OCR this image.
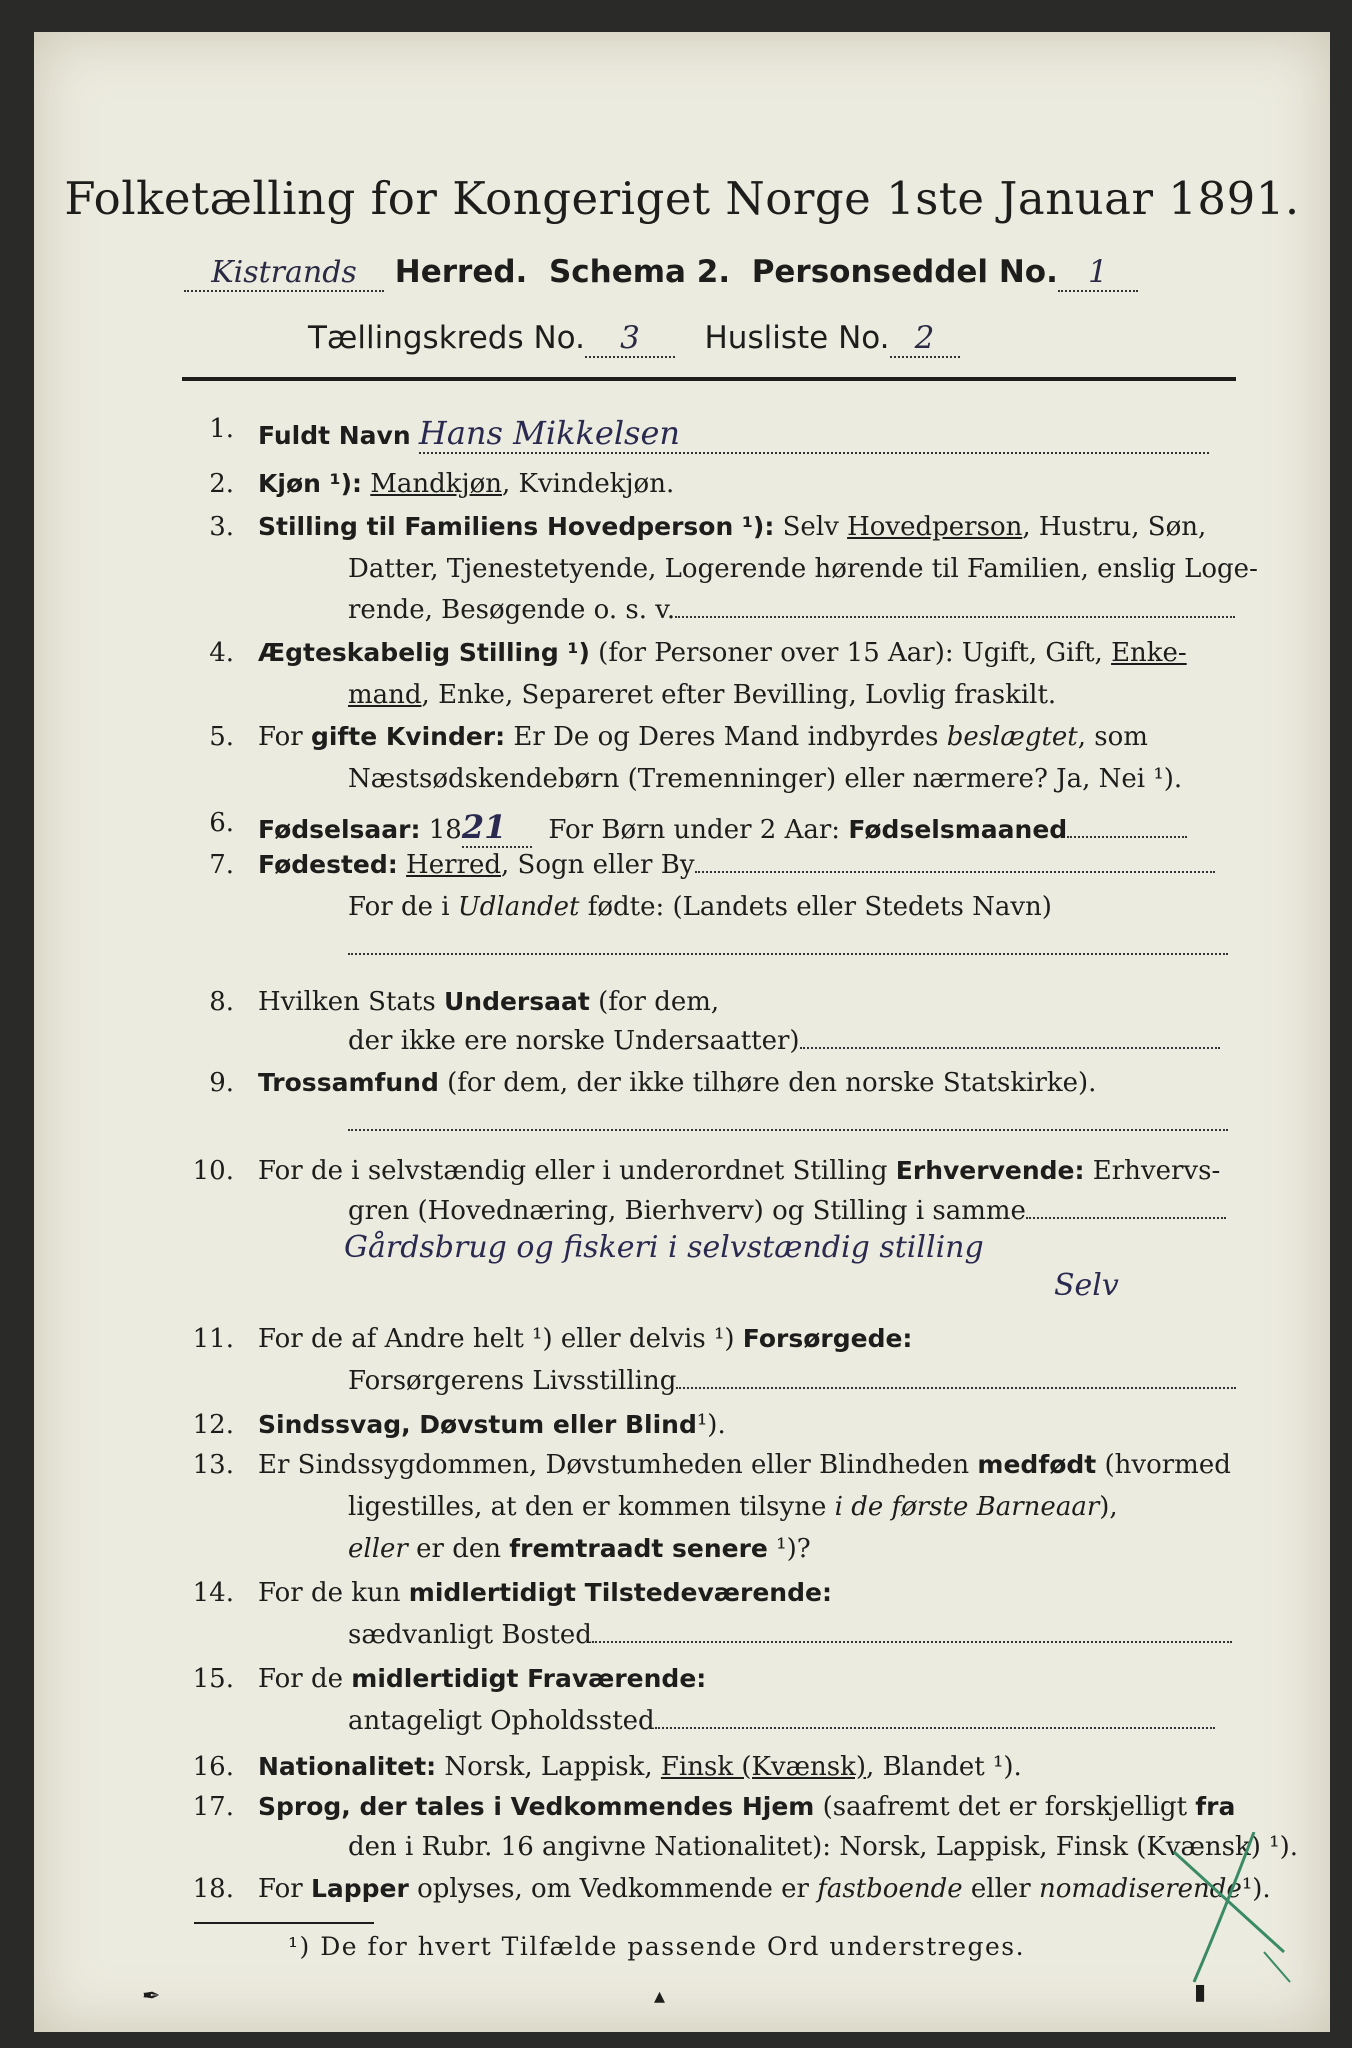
Folketælling for Kongeriget Norge 1ste Januar 1891.
Kistrands Herred. Schema 2. Personseddel No. 1
Tællingskreds No. 3 Husliste No. 2
1. Fuldt Navn Hans Mikkelsen
2. Kjøn ¹): Mandkjøn, Kvindekjøn.
3. Stilling til Familiens Hovedperson ¹): Selv Hovedperson, Hustru, Søn,
Datter, Tjenestetyende, Logerende hørende til Familien, enslig Loge-
rende, Besøgende o. s. v.
4. Ægteskabelig Stilling ¹) (for Personer over 15 Aar): Ugift, Gift, Enke-
mand, Enke, Separeret efter Bevilling, Lovlig fraskilt.
5. For gifte Kvinder: Er De og Deres Mand indbyrdes beslægtet, som
Næstsødskendebørn (Tremenninger) eller nærmere? Ja, Nei ¹).
6. Fødselsaar: 1821 For Børn under 2 Aar: Fødselsmaaned
7. Fødested: Herred, Sogn eller By
For de i Udlandet fødte: (Landets eller Stedets Navn)
8. Hvilken Stats Undersaat (for dem,
der ikke ere norske Undersaatter)
9. Trossamfund (for dem, der ikke tilhøre den norske Statskirke).
10. For de i selvstændig eller i underordnet Stilling Erhvervende: Erhvervs-
gren (Hovednæring, Bierhverv) og Stilling i samme
Gårdsbrug og fiskeri i selvstændig stilling
Selv
11. For de af Andre helt ¹) eller delvis ¹) Forsørgede:
Forsørgerens Livsstilling
12. Sindssvag, Døvstum eller Blind¹).
13. Er Sindssygdommen, Døvstumheden eller Blindheden medfødt (hvormed
ligestilles, at den er kommen tilsyne i de første Barneaar),
eller er den fremtraadt senere ¹)?
14. For de kun midlertidigt Tilstedeværende:
sædvanligt Bosted
15. For de midlertidigt Fraværende:
antageligt Opholdssted
16. Nationalitet: Norsk, Lappisk, Finsk (Kvænsk), Blandet ¹).
17. Sprog, der tales i Vedkommendes Hjem (saafremt det er forskjelligt fra
den i Rubr. 16 angivne Nationalitet): Norsk, Lappisk, Finsk (Kvænsk) ¹).
18. For Lapper oplyses, om Vedkommende er fastboende eller nomadiserende¹).
¹) De for hvert Tilfælde passende Ord understreges.
✒	▴	▮
